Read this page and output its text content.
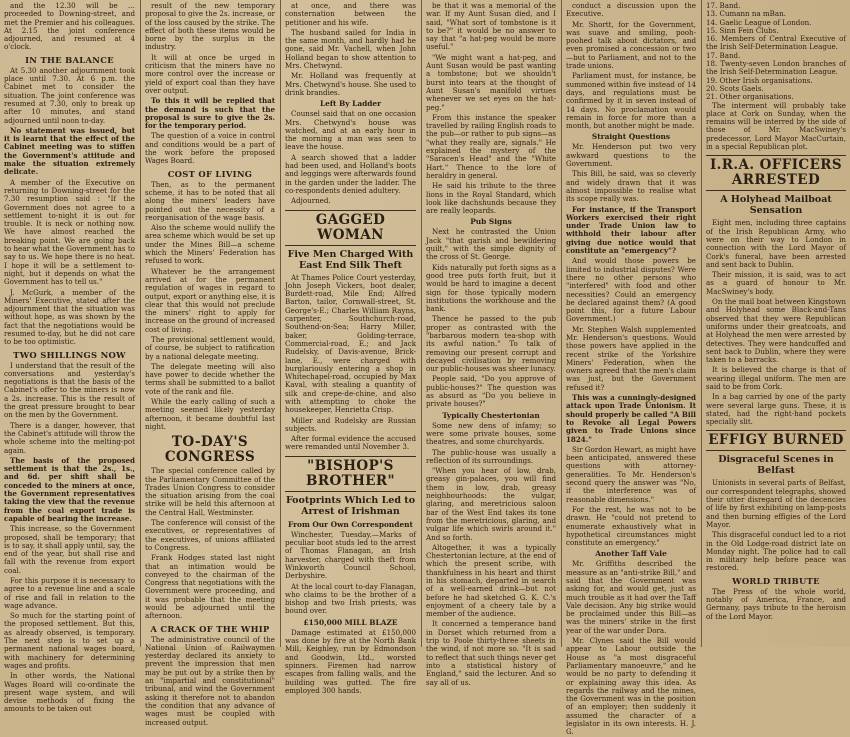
and the 12.30 will be … proceeded to Downing-street, and met the Premier and his colleagues. At 2.15 the joint conference adjourned, and resumed at 4 o'clock.

IN THE BALANCE

At 5.30 another adjournment took place until 7.30. At 6 p.m. the Cabinet met to consider the situation. The joint conference was resumed at 7.30, only to break up after 10 minutes, and stand adjourned until noon to-day.

No statement was issued, but it is learnt that the effect of the Cabinet meeting was to stiffen the Government's attitude and make the situation extremely delicate.

A member of the Executive on returning to Downing-street for the 7.30 resumption said : "If the Government does not agree to a settlement to-night it is out for trouble. It is neck or nothing now. We have almost reached the breaking point. We are going back to hear what the Government has to say to us. We hope there is no heat. I hope it will be a settlement to-night, but it depends on what the Government has to tell us."

J. McGurk, a member of the Miners' Executive, stated after the adjournment that the situation was without hope, as was shown by the fact that the negotiations would be resumed to-day, but he did not care to be too optimistic.

TWO SHILLINGS NOW

I understand that the result of the conversations and yesterday's negotiations is that the basis of the Cabinet's offer to the miners is now a 2s. increase. This is the result of the great pressure brought to bear on the men by the Government.

There is a danger, however, that the Cabinet's attitude will throw the whole scheme into the melting-pot again.

The basis of the proposed settlement is that the 2s., 1s., and 6d. per shift shall be conceded to the miners at once, the Government representatives taking the view that the revenue from the coal export trade is capable of bearing the increase.

This increase, so the Government proposed, shall be temporary; that is to say, it shall apply until, say, the end of the year, but shall rise and fall with the revenue from export coal.

For this purpose it is necessary to agree to a revenue line and a scale of rise and fall in relation to the wage advance.

So much for the starting point of the proposed settlement. But this, as already observed, is temporary. The next step is to set up a permanent national wages board, with machinery for determining wages and profits.

In other words, the National Wages Board will co-ordinate the present wage system, and will devise methods of fixing the amounts to be taken out

result of the new temporary proposal to give the 2s. increase, or of the loss caused by the strike. The effect of both these items would be borne by the surplus in the industry.

It will at once be urged in criticism that the miners have no more control over the increase or yield of export coal than they have over output.

To this it will be replied that the demand is such that the proposal is sure to give the 2s. for the temporary period.

The question of a voice in control and conditions would be a part of the work before the proposed Wages Board.

COST OF LIVING

Then, as to the permanent scheme, it has to be noted that all along the miners' leaders have pointed out the necessity of a reorganisation of the wage basis.

Also the scheme would nullify the area scheme which would be set up under the Mines Bill—a scheme which the Miners' Federation has refused to work.

Whatever be the arrangement arrived at for the permanent regulation of wages in regard to output, export or anything else, it is clear that this would not preclude the miners' right to apply for increase on the ground of increased cost of living.

The provisional settlement would, of course, be subject to ratification by a national delegate meeting.

The delegate meeting will also have power to decide whether the terms shall be submitted to a ballot vote of the rank and file.

While the early calling of such a meeting seemed likely yesterday afternoon, it became doubtful last night.

TO-DAY'S CONGRESS

The special conference called by the Parliamentary Committee of the Trades Union Congress to consider the situation arising from the coal strike will be held this afternoon at the Central Hall, Westminster.

The conference will consist of the executives, or representatives of the executives, of unions affiliated to Congress.

Frank Hodges stated last night that an intimation would be conveyed to the chairman of the Congress that negotiations with the Government were proceeding, and it was probable that the meeting would be adjourned until the afternoon.

A CRACK OF THE WHIP

The administrative council of the National Union of Railwaymen yesterday declared its anxiety to prevent the impression that men may be put out by a strike then by an "impartial and constitutional" tribunal, and wind the Government asking it therefore not to abandon the condition that any advance of wages must be coupled with increased output.

at once, and there was consternation between the petitioner and his wife.

The husband sailed for India in the same month, and hardly had he gone, said Mr. Vachell, when John Holland began to show attention to Mrs. Chetwynd.

Mr. Holland was frequently at Mrs. Chetwynd's house. She used to drink brandies.

Left By Ladder

Counsel said that on one occasion Mrs. Chetwynd's house was watched, and at an early hour in the morning a man was seen to leave the house.

A search showed that a ladder had been used, and Holland's boots and leggings were afterwards found in the garden under the ladder. The co-respondents denied adultery.

Adjourned.

GAGGED WOMAN
Five Men Charged With East End Silk Theft

At Thames Police Court yesterday, John Joseph Vickers, boot dealer, Burdett-road, Mile End; Alfred Barton, tailor, Cornwall-street, St. George's-E.; Charles William Rayns, carpenter, Southchurch-road, Southend-on-Sea; Harry Miller, baker, Golding-terrace, Commercial-road, E.; and Jack Rudelsky, of Davis-avenue, Brick-lane, E., were charged with burglariously entering a shop in Whitechapel-road, occupied by Max Kaval, with stealing a quantity of silk and crepe-de-chine, and also with attempting to choke the housekeeper, Henrietta Crisp.

Miller and Rudelsky are Russian subjects.

After formal evidence the accused were remanded until November 3.

"BISHOP'S BROTHER"
Footprints Which Led to Arrest of Irishman
From Our Own Correspondent

Winchester, Tuesday.—Marks of peculiar boot studs led to the arrest of Thomas Flanagan, an Irish harvester, charged with theft from Winkworth Council School, Derbyshire.

At the local court to-day Flanagan, who claims to be the brother of a bishop and two Irish priests, was bound over.

£150,000 MILL BLAZE

Damage estimated at £150,000 was done by fire at the North Bank Mill, Keighley, run by Edmondson and Goodwin, Ltd., worsted spinners. Firemen had narrow escapes from falling walls, and the building was gutted. The fire employed 300 hands.

be that it was a memorial of the war. If my Aunt Susan died, and I said, "What sort of tombstone is it to be?" it would be no answer to say that "a hat-peg would be more useful."

"We might want a hat-peg, and Aunt Susan would be past wanting a tombstone; but we shouldn't burst into tears at the thought of Aunt Susan's manifold virtues whenever we set eyes on the hat-peg."

From this instance the speaker travelled by railing English roads to the pub—or rather to pub signs—as "what they really are, signals." He explained the mystery of the "Saracen's Head" and the "White Hart." Thence to the lore of heraldry in general.

He said his tribute to the three lions in the Royal Standard, which look like dachshunds because they are really leopards.

Pub Signs

Next he contrasted the Union Jack "that garish and bewildering quilt," with the simple dignity of the cross of St. George.

Kids naturally put forth signs as a good tree puts forth fruit, but it would be hard to imagine a decent sign for those typically modern institutions the workhouse and the bank.

Thence he passed to the pub proper as contrasted with the "barbarous modern tea-shop with its awful nation." To talk of removing our present corrupt and decayed civilisation by removing our public-houses was sheer lunacy.

People said, "Do you approve of public-houses?" The question was as absurd as "Do you believe in private houses?"

Typically Chestertonian

Some new dens of infamy; so were some private houses, some theatres, and some churchyards.

The public-house was usually a reflection of its surroundings.

"When you hear of low, drab, greasy gin-palaces, you will find them in low, drab, greasy neighbourhoods: the vulgar, glaring, and meretricious saloon bar of the West End takes its tone from the meretricious, glaring, and vulgar life which swirls around it." And so forth.

Altogether, it was a typically Chestertonian lecture, at the end of which the present scribe, with thankfulness in his heart and thirst in his stomach, departed in search of a well-earned drink—but not before he had sketched G. K. C.'s enjoyment of a cheery tale by a member of the audience.

It concerned a temperance band in Dorset which returned from a trip to Poole thirty-three sheets in the wind, if not more so. "It is sad to reflect that such things never get into a statistical history of England," said the lecturer. And so say all of us.

conduct a discussion upon the Executive.

Mr. Shortt, for the Government, was suave and smiling, pooh-poohed talk about dictators, and even promised a concession or two—but to Parliament, and not to the trade unions.

Parliament must, for instance, be summoned within five instead of 14 days, and regulations must be confirmed by it in seven instead of 14 days. No proclamation would remain in force for more than a month, but another might be made.

Straight Questions

Mr. Henderson put two very awkward questions to the Government.

This Bill, he said, was so cleverly and widely drawn that it was almost impossible to realise what its scope really was.

For instance, if the Transport Workers exercised their right under Trade Union law to withhold their labour after giving due notice would that constitute an "emergency"?

And would those powers be limited to industrial disputes? Were there no other persons who "interfered" with food and other necessities? Could an emergency be declared against them? (A good point this, for a future Labour Government.)

Mr. Stephen Walsh supplemented Mr. Henderson's questions. Would those powers have applied in the recent strike of the Yorkshire Miners' Federation, when the owners agreed that the men's claim was just, but the Government refused it?

This was a cunningly-designed attack upon Trade Unionism. It should properly be called "A Bill to Revoke all Legal Powers given to Trade Unions since 1824."

Sir Gordon Hewart, as might have been anticipated, answered these questions with attorney-generalities. To Mr. Henderson's second query the answer was "No, if the interference was of reasonable dimensions."

For the rest, he was not to be drawn. He "could not pretend to enumerate exhaustively what in hypothetical circumstances might constitute an emergency."

Another Taff Vale

Mr. Griffiths described the measure as an "anti-strike Bill," and said that the Government was asking for, and would get, just as much trouble as it had over the Taff Vale decision. Any big strike would be proclaimed under this Bill—as was the miners' strike in the first year of the war under Dora.

Mr. Clynes said the Bill would appear to Labour outside the House as "a most disgraceful Parliamentary manoeuvre," and he would be no party to defending it or explaining away this idea. As regards the railway and the mines, the Government was in the position of an employer; then suddenly it assumed the character of a legislator in its own interests. H. J. G.

17. Band.
13. Cumann na mBan.
14. Gaelic League of London.
15. Sinn Fein Clubs.
16. Members of Central Executive of the Irish Self-Determination League.
17. Band.
18. Twenty-seven London branches of the Irish Self-Determination League.
19. Other Irish organisations.
20. Scots Gaels.
21. Other organisations.

The interment will probably take place at Cork on Sunday, when the remains will be interred by the side of those of Mr. MacSwiney's predecessor, Lord Mayor MacCurtain, in a special Republican plot.

I.R.A. OFFICERS ARRESTED
A Holyhead Mailboat Sensation

Eight men, including three captains of the Irish Republican Army, who were on their way to London in connection with the Lord Mayor of Cork's funeral, have been arrested and sent back to Dublin.

Their mission, it is said, was to act as a guard of honour to Mr. MacSwiney's body.

On the mail boat between Kingstown and Holyhead some Black-and-Tans observed that they were Republican uniforms under their greatcoats, and at Holyhead the men were arrested by detectives. They were handcuffed and sent back to Dublin, where they were taken to a barracks.

It is believed the charge is that of wearing illegal uniform. The men are said to be from Cork.

In a bag carried by one of the party were several large guns. These, it is stated, had the right-hand pockets specially slit.

EFFIGY BURNED
Disgraceful Scenes in Belfast

Unionists in several parts of Belfast, our correspondent telegraphs, showed their utter disregard of the decencies of life by first exhibiting on lamp-posts and then burning effigies of the Lord Mayor.

This disgraceful conduct led to a riot in the Old Lodge-road district late on Monday night. The police had to call in military help before peace was restored.

WORLD TRIBUTE

The Press of the whole world, notably of America, France, and Germany, pays tribute to the heroism of the Lord Mayor.
